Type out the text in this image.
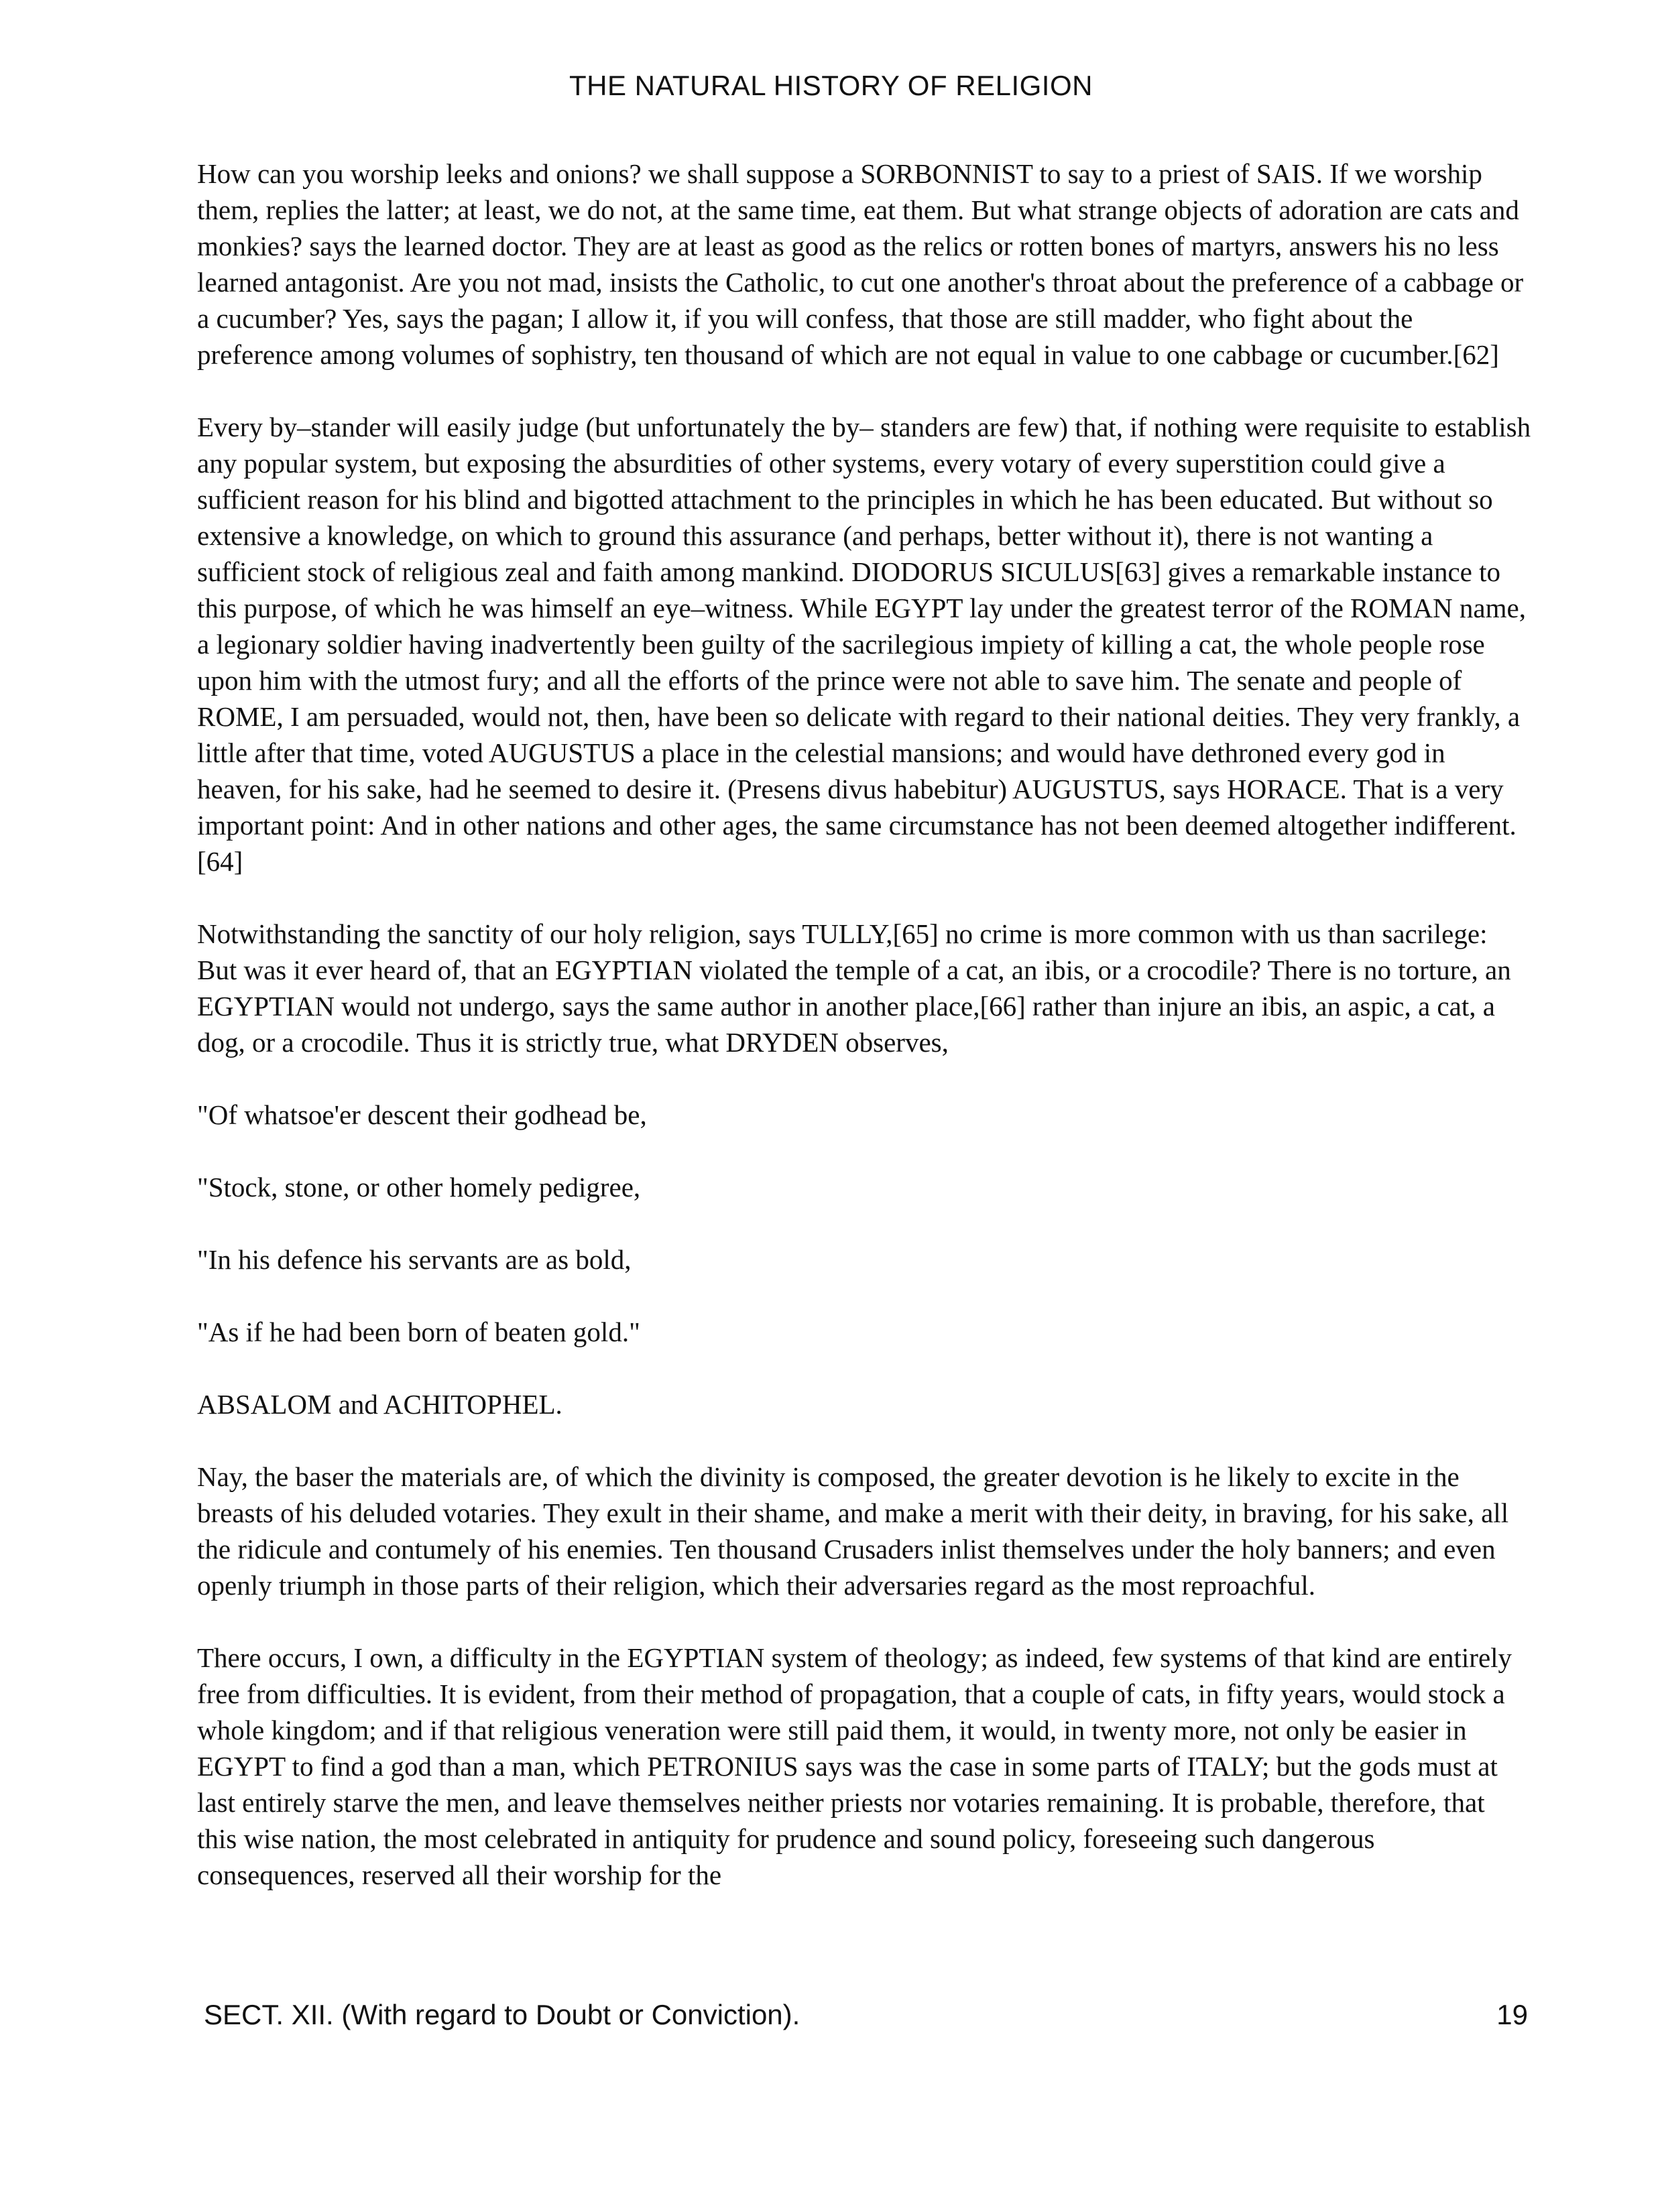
THE NATURAL HISTORY OF RELIGION

How can you worship leeks and onions? we shall suppose a SORBONNIST to say to a priest of SAIS. If we worship them, replies the latter; at least, we do not, at the same time, eat them. But what strange objects of adoration are cats and monkies? says the learned doctor. They are at least as good as the relics or rotten bones of martyrs, answers his no less learned antagonist. Are you not mad, insists the Catholic, to cut one another's throat about the preference of a cabbage or a cucumber? Yes, says the pagan; I allow it, if you will confess, that those are still madder, who fight about the preference among volumes of sophistry, ten thousand of which are not equal in value to one cabbage or cucumber.[62]

Every by–stander will easily judge (but unfortunately the by– standers are few) that, if nothing were requisite to establish any popular system, but exposing the absurdities of other systems, every votary of every superstition could give a sufficient reason for his blind and bigotted attachment to the principles in which he has been educated. But without so extensive a knowledge, on which to ground this assurance (and perhaps, better without it), there is not wanting a sufficient stock of religious zeal and faith among mankind. DIODORUS SICULUS[63] gives a remarkable instance to this purpose, of which he was himself an eye–witness. While EGYPT lay under the greatest terror of the ROMAN name, a legionary soldier having inadvertently been guilty of the sacrilegious impiety of killing a cat, the whole people rose upon him with the utmost fury; and all the efforts of the prince were not able to save him. The senate and people of ROME, I am persuaded, would not, then, have been so delicate with regard to their national deities. They very frankly, a little after that time, voted AUGUSTUS a place in the celestial mansions; and would have dethroned every god in heaven, for his sake, had he seemed to desire it. (Presens divus habebitur) AUGUSTUS, says HORACE. That is a very important point: And in other nations and other ages, the same circumstance has not been deemed altogether indifferent.[64]

Notwithstanding the sanctity of our holy religion, says TULLY,[65] no crime is more common with us than sacrilege: But was it ever heard of, that an EGYPTIAN violated the temple of a cat, an ibis, or a crocodile? There is no torture, an EGYPTIAN would not undergo, says the same author in another place,[66] rather than injure an ibis, an aspic, a cat, a dog, or a crocodile. Thus it is strictly true, what DRYDEN observes,

"Of whatsoe'er descent their godhead be,

"Stock, stone, or other homely pedigree,

"In his defence his servants are as bold,

"As if he had been born of beaten gold."

ABSALOM and ACHITOPHEL.

Nay, the baser the materials are, of which the divinity is composed, the greater devotion is he likely to excite in the breasts of his deluded votaries. They exult in their shame, and make a merit with their deity, in braving, for his sake, all the ridicule and contumely of his enemies. Ten thousand Crusaders inlist themselves under the holy banners; and even openly triumph in those parts of their religion, which their adversaries regard as the most reproachful.

There occurs, I own, a difficulty in the EGYPTIAN system of theology; as indeed, few systems of that kind are entirely free from difficulties. It is evident, from their method of propagation, that a couple of cats, in fifty years, would stock a whole kingdom; and if that religious veneration were still paid them, it would, in twenty more, not only be easier in EGYPT to find a god than a man, which PETRONIUS says was the case in some parts of ITALY; but the gods must at last entirely starve the men, and leave themselves neither priests nor votaries remaining. It is probable, therefore, that this wise nation, the most celebrated in antiquity for prudence and sound policy, foreseeing such dangerous consequences, reserved all their worship for the

SECT. XII. (With regard to Doubt or Conviction).	19
